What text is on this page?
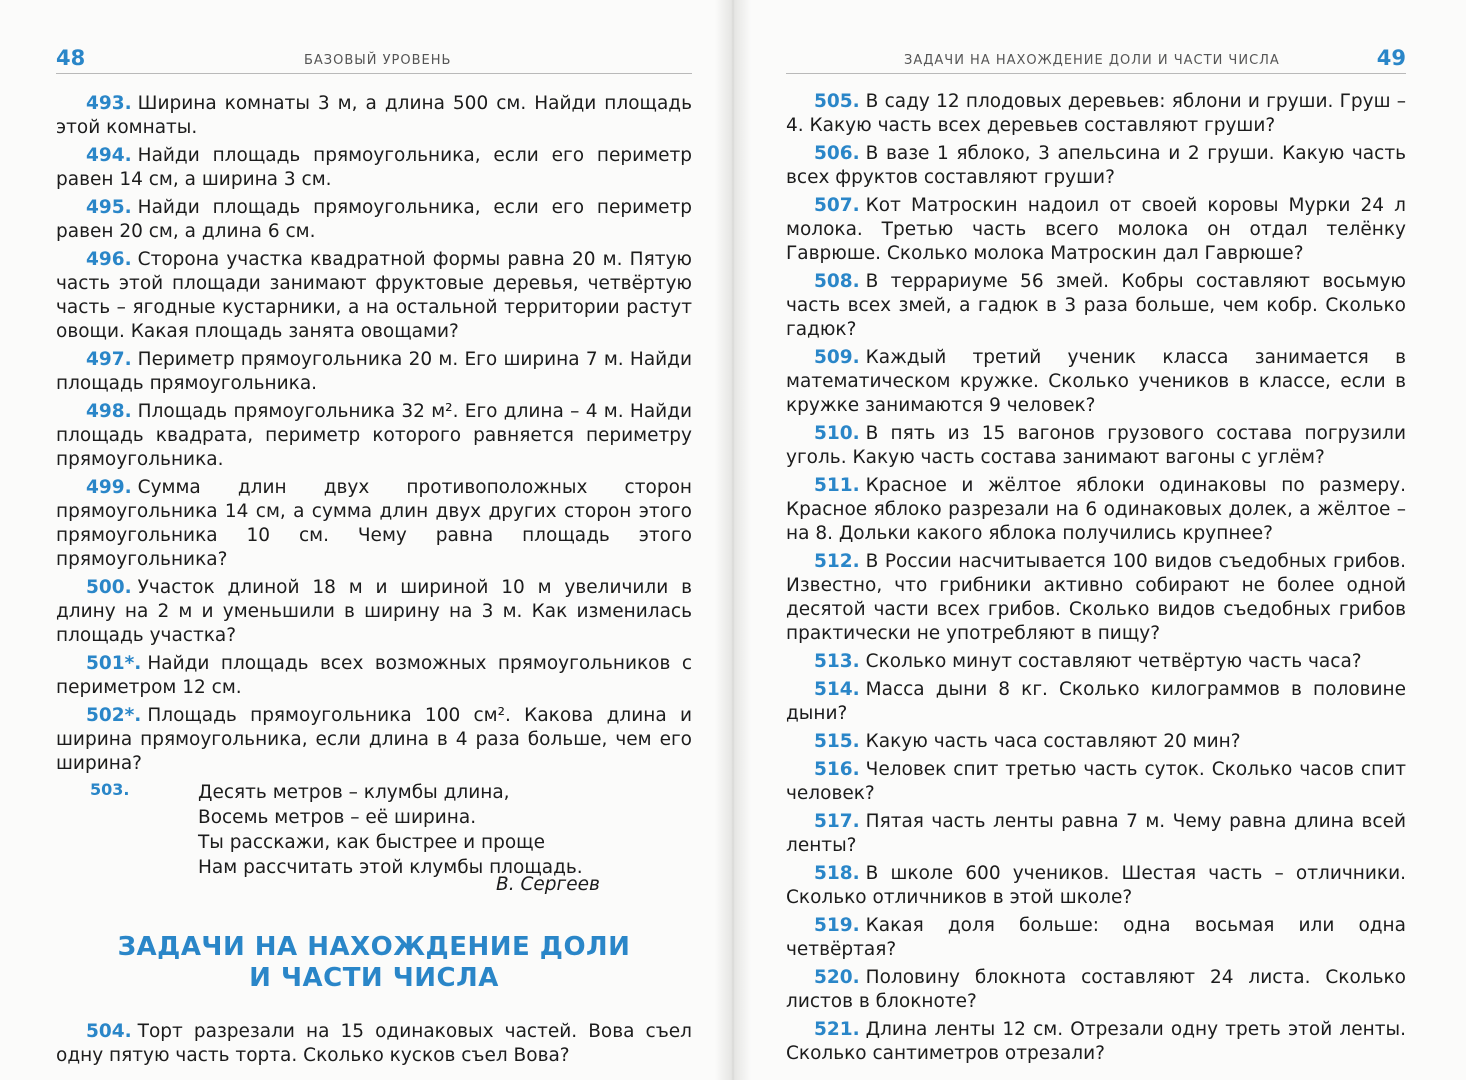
48	БАЗОВЫЙ УРОВЕНЬ
493. Ширина комнаты 3 м, а длина 500 см. Найди площадь этой комнаты.
494. Найди площадь прямоугольника, если его периметр равен 14 см, а ширина 3 см.
495. Найди площадь прямоугольника, если его периметр равен 20 см, а длина 6 см.
496. Сторона участка квадратной формы равна 20 м. Пятую часть этой площади занимают фруктовые деревья, четвёртую часть – ягодные кустарники, а на остальной территории растут овощи. Какая площадь занята овощами?
497. Периметр прямоугольника 20 м. Его ширина 7 м. Найди площадь прямоугольника.
498. Площадь прямоугольника 32 м². Его длина – 4 м. Найди площадь квадрата, периметр которого равняется периметру прямоугольника.
499. Сумма длин двух противоположных сторон прямоугольника 14 см, а сумма длин двух других сторон этого прямоугольника 10 см. Чему равна площадь этого прямоугольника?
500. Участок длиной 18 м и шириной 10 м увеличили в длину на 2 м и уменьшили в ширину на 3 м. Как изменилась площадь участка?
501*. Найди площадь всех возможных прямоугольников с периметром 12 см.
502*. Площадь прямоугольника 100 см². Какова длина и ширина прямоугольника, если длина в 4 раза больше, чем его ширина?
503.	Десять метров – клумбы длина,
Восемь метров – её ширина.
Ты расскажи, как быстрее и проще
Нам рассчитать этой клумбы площадь.
В. Сергеев
ЗАДАЧИ НА НАХОЖДЕНИЕ ДОЛИ
И ЧАСТИ ЧИСЛА
504. Торт разрезали на 15 одинаковых частей. Вова съел одну пятую часть торта. Сколько кусков съел Вова?
ЗАДАЧИ НА НАХОЖДЕНИЕ ДОЛИ И ЧАСТИ ЧИСЛА	49
505. В саду 12 плодовых деревьев: яблони и груши. Груш – 4. Какую часть всех деревьев составляют груши?
506. В вазе 1 яблоко, 3 апельсина и 2 груши. Какую часть всех фруктов составляют груши?
507. Кот Матроскин надоил от своей коровы Мурки 24 л молока. Третью часть всего молока он отдал телёнку Гаврюше. Сколько молока Матроскин дал Гаврюше?
508. В террариуме 56 змей. Кобры составляют восьмую часть всех змей, а гадюк в 3 раза больше, чем кобр. Сколько гадюк?
509. Каждый третий ученик класса занимается в математическом кружке. Сколько учеников в классе, если в кружке занимаются 9 человек?
510. В пять из 15 вагонов грузового состава погрузили уголь. Какую часть состава занимают вагоны с углём?
511. Красное и жёлтое яблоки одинаковы по размеру. Красное яблоко разрезали на 6 одинаковых долек, а жёлтое – на 8. Дольки какого яблока получились крупнее?
512. В России насчитывается 100 видов съедобных грибов. Известно, что грибники активно собирают не более одной десятой части всех грибов. Сколько видов съедобных грибов практически не употребляют в пищу?
513. Сколько минут составляют четвёртую часть часа?
514. Масса дыни 8 кг. Сколько килограммов в половине дыни?
515. Какую часть часа составляют 20 мин?
516. Человек спит третью часть суток. Сколько часов спит человек?
517. Пятая часть ленты равна 7 м. Чему равна длина всей ленты?
518. В школе 600 учеников. Шестая часть – отличники. Сколько отличников в этой школе?
519. Какая доля больше: одна восьмая или одна четвёртая?
520. Половину блокнота составляют 24 листа. Сколько листов в блокноте?
521. Длина ленты 12 см. Отрезали одну треть этой ленты. Сколько сантиметров отрезали?
